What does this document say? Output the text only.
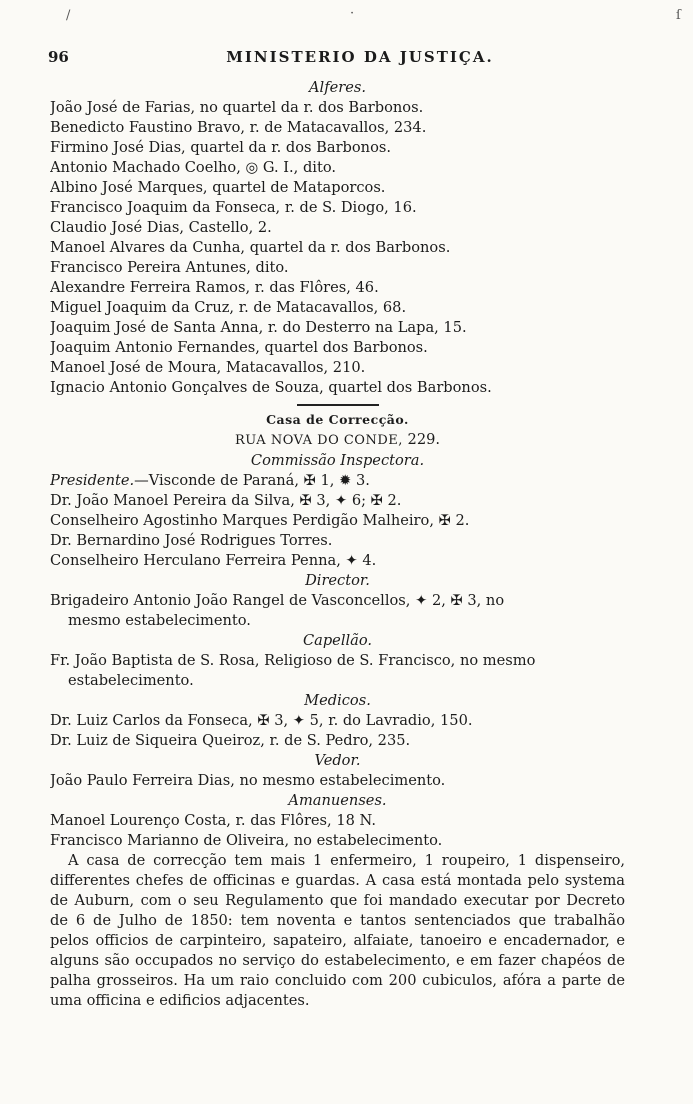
/	ſ
·
96	MINISTERIO DA JUSTIÇA.
Alferes.
João José de Farias, no quartel da r. dos Barbonos.
Benedicto Faustino Bravo, r. de Matacavallos, 234.
Firmino José Dias, quartel da r. dos Barbonos.
Antonio Machado Coelho, ◎ G. I., dito.
Albino José Marques, quartel de Mataporcos.
Francisco Joaquim da Fonseca, r. de S. Diogo, 16.
Claudio José Dias, Castello, 2.
Manoel Alvares da Cunha, quartel da r. dos Barbonos.
Francisco Pereira Antunes, dito.
Alexandre Ferreira Ramos, r. das Flôres, 46.
Miguel Joaquim da Cruz, r. de Matacavallos, 68.
Joaquim José de Santa Anna, r. do Desterro na Lapa, 15.
Joaquim Antonio Fernandes, quartel dos Barbonos.
Manoel José de Moura, Matacavallos, 210.
Ignacio Antonio Gonçalves de Souza, quartel dos Barbonos.
Casa de Correcção.
RUA NOVA DO CONDE, 229.
Commissão Inspectora.
Presidente.—Visconde de Paraná, ✠ 1, ✹ 3.
Dr. João Manoel Pereira da Silva, ✠ 3, ✦ 6; ✠ 2.
Conselheiro Agostinho Marques Perdigão Malheiro, ✠ 2.
Dr. Bernardino José Rodrigues Torres.
Conselheiro Herculano Ferreira Penna, ✦ 4.
Director.
Brigadeiro Antonio João Rangel de Vasconcellos, ✦ 2, ✠ 3, no
mesmo estabelecimento.
Capellão.
Fr. João Baptista de S. Rosa, Religioso de S. Francisco, no mesmo
estabelecimento.
Medicos.
Dr. Luiz Carlos da Fonseca, ✠ 3, ✦ 5, r. do Lavradio, 150.
Dr. Luiz de Siqueira Queiroz, r. de S. Pedro, 235.
Vedor.
João Paulo Ferreira Dias, no mesmo estabelecimento.
Amanuenses.
Manoel Lourenço Costa, r. das Flôres, 18 N.
Francisco Marianno de Oliveira, no estabelecimento.
A casa de correcção tem mais 1 enfermeiro, 1 roupeiro, 1 dispenseiro, differentes chefes de officinas e guardas. A casa está montada pelo systema de Auburn, com o seu Regulamento que foi mandado executar por Decreto de 6 de Julho de 1850: tem noventa e tantos sentenciados que trabalhão pelos officios de carpinteiro, sapateiro, alfaiate, tanoeiro e encadernador, e alguns são occupados no serviço do estabelecimento, e em fazer chapéos de palha grosseiros. Ha um raio concluido com 200 cubiculos, afóra a parte de uma officina e edificios adjacentes.
